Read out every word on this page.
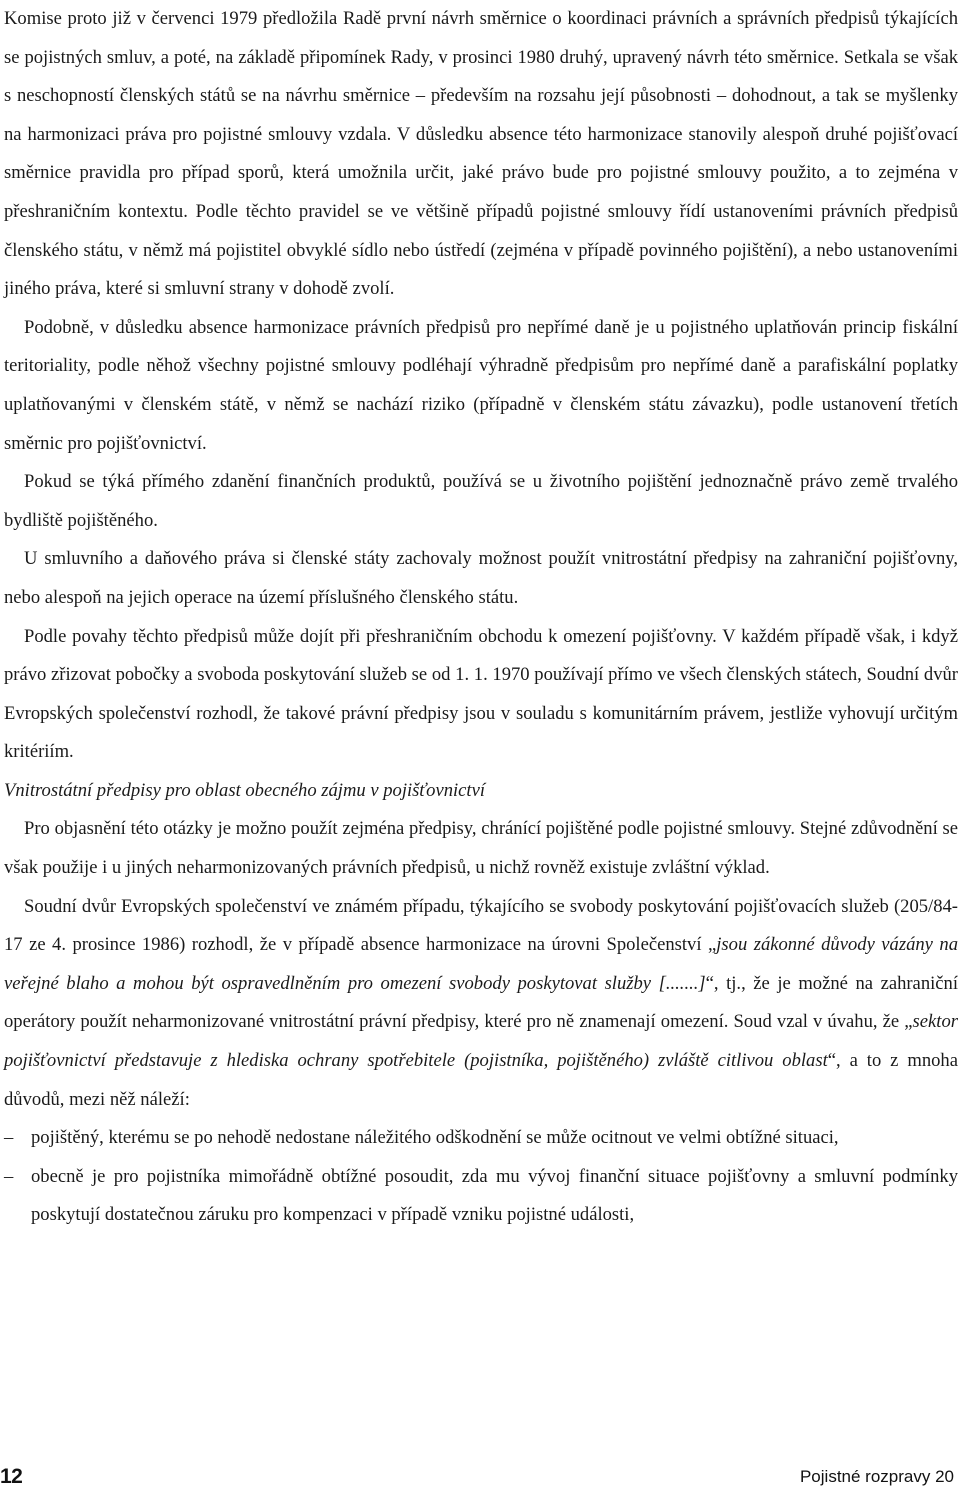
Komise proto již v červenci 1979 předložila Radě první návrh směrnice o koordinaci právních a správních předpisů týkajících se pojistných smluv, a poté, na základě připomínek Rady, v prosinci 1980 druhý, upravený návrh této směrnice. Setkala se však s neschopností členských států se na návrhu směrnice – především na rozsahu její působnosti – dohodnout, a tak se myšlenky na harmonizaci práva pro pojistné smlouvy vzdala. V důsledku absence této harmonizace stanovily alespoň druhé pojišťovací směrnice pravidla pro případ sporů, která umožnila určit, jaké právo bude pro pojistné smlouvy použito, a to zejména v přeshraničním kontextu. Podle těchto pravidel se ve většině případů pojistné smlouvy řídí ustanoveními právních předpisů členského státu, v němž má pojistitel obvyklé sídlo nebo ústředí (zejména v případě povinného pojištění), a nebo ustanoveními jiného práva, které si smluvní strany v dohodě zvolí.

Podobně, v důsledku absence harmonizace právních předpisů pro nepřímé daně je u pojistného uplatňován princip fiskální teritoriality, podle něhož všechny pojistné smlouvy podléhají výhradně předpisům pro nepřímé daně a parafiskální poplatky uplatňovanými v členském státě, v němž se nachází riziko (případně v členském státu závazku), podle ustanovení třetích směrnic pro pojišťovnictví.

Pokud se týká přímého zdanění finančních produktů, používá se u životního pojištění jednoznačně právo země trvalého bydliště pojištěného.

U smluvního a daňového práva si členské státy zachovaly možnost použít vnitrostátní předpisy na zahraniční pojišťovny, nebo alespoň na jejich operace na území příslušného členského státu.

Podle povahy těchto předpisů může dojít při přeshraničním obchodu k omezení pojišťovny. V každém případě však, i když právo zřizovat pobočky a svoboda poskytování služeb se od 1. 1. 1970 používají přímo ve všech členských státech, Soudní dvůr Evropských společenství rozhodl, že takové právní předpisy jsou v souladu s komunitárním právem, jestliže vyhovují určitým kritériím.

Vnitrostátní předpisy pro oblast obecného zájmu v pojišťovnictví

Pro objasnění této otázky je možno použít zejména předpisy, chránící pojištěné podle pojistné smlouvy. Stejné zdůvodnění se však použije i u jiných neharmonizovaných právních předpisů, u nichž rovněž existuje zvláštní výklad.

Soudní dvůr Evropských společenství ve známém případu, týkajícího se svobody poskytování pojišťovacích služeb (205/84-17 ze 4. prosince 1986) rozhodl, že v případě absence harmonizace na úrovni Společenství „jsou zákonné důvody vázány na veřejné blaho a mohou být ospravedlněním pro omezení svobody poskytovat služby [.......]“, tj., že je možné na zahraniční operátory použít neharmonizované vnitrostátní právní předpisy, které pro ně znamenají omezení. Soud vzal v úvahu, že „sektor pojišťovnictví představuje z hlediska ochrany spotřebitele (pojistníka, pojištěného) zvláště citlivou oblast“, a to z mnoha důvodů, mezi něž náleží:

– pojištěný, kterému se po nehodě nedostane náležitého odškodnění se může ocitnout ve velmi obtížné situaci,

– obecně je pro pojistníka mimořádně obtížné posoudit, zda mu vývoj finanční situace pojišťovny a smluvní podmínky poskytují dostatečnou záruku pro kompenzaci v případě vzniku pojistné události,

12	Pojistné rozpravy 20
